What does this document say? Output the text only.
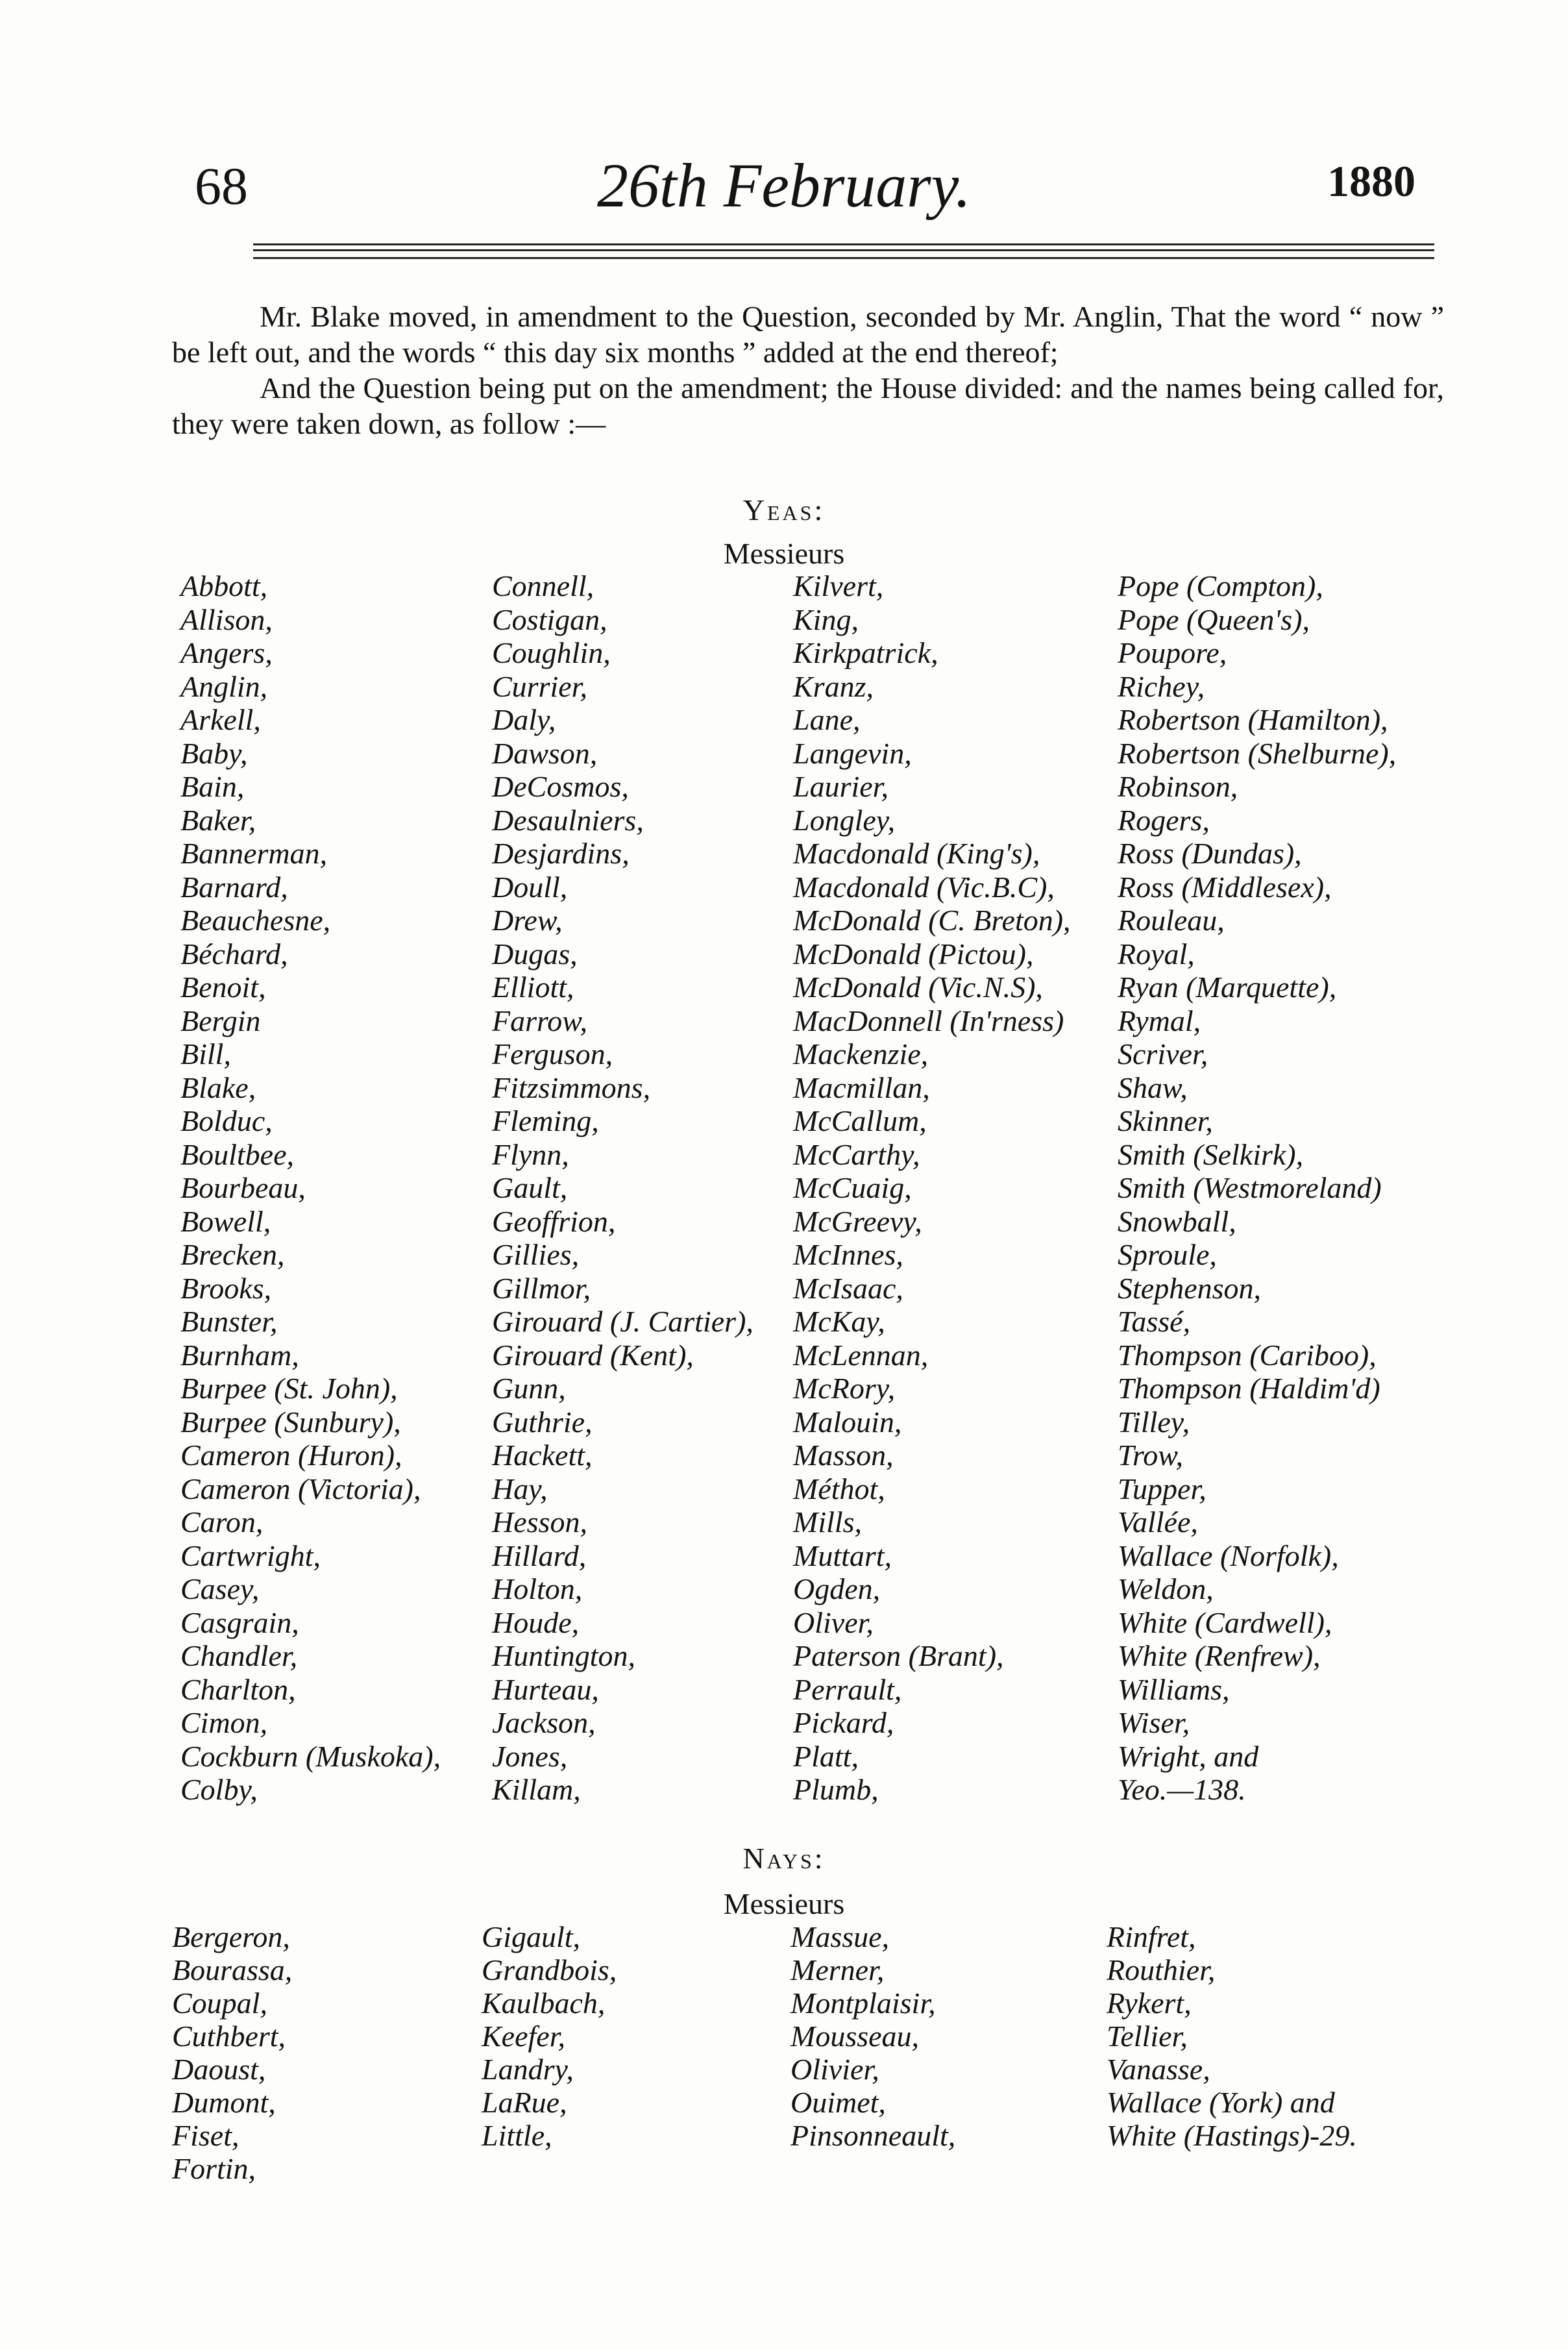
68	26th February.	1880

Mr. Blake moved, in amendment to the Question, seconded by Mr. Anglin, That the word “ now ” be left out, and the words “ this day six months ” added at the end thereof;

And the Question being put on the amendment; the House divided: and the names being called for, they were taken down, as follow :—

Yeas:
Messieurs
Abbott,
Allison,
Angers,
Anglin,
Arkell,
Baby,
Bain,
Baker,
Bannerman,
Barnard,
Beauchesne,
Béchard,
Benoit,
Bergin
Bill,
Blake,
Bolduc,
Boultbee,
Bourbeau,
Bowell,
Brecken,
Brooks,
Bunster,
Burnham,
Burpee (St. John),
Burpee (Sunbury),
Cameron (Huron),
Cameron (Victoria),
Caron,
Cartwright,
Casey,
Casgrain,
Chandler,
Charlton,
Cimon,
Cockburn (Muskoka),
Colby,
Connell,
Costigan,
Coughlin,
Currier,
Daly,
Dawson,
DeCosmos,
Desaulniers,
Desjardins,
Doull,
Drew,
Dugas,
Elliott,
Farrow,
Ferguson,
Fitzsimmons,
Fleming,
Flynn,
Gault,
Geoffrion,
Gillies,
Gillmor,
Girouard (J. Cartier),
Girouard (Kent),
Gunn,
Guthrie,
Hackett,
Hay,
Hesson,
Hillard,
Holton,
Houde,
Huntington,
Hurteau,
Jackson,
Jones,
Killam,
Kilvert,
King,
Kirkpatrick,
Kranz,
Lane,
Langevin,
Laurier,
Longley,
Macdonald (King's),
Macdonald (Vic.B.C),
McDonald (C. Breton),
McDonald (Pictou),
McDonald (Vic.N.S),
MacDonnell (In'rness)
Mackenzie,
Macmillan,
McCallum,
McCarthy,
McCuaig,
McGreevy,
McInnes,
McIsaac,
McKay,
McLennan,
McRory,
Malouin,
Masson,
Méthot,
Mills,
Muttart,
Ogden,
Oliver,
Paterson (Brant),
Perrault,
Pickard,
Platt,
Plumb,
Pope (Compton),
Pope (Queen's),
Poupore,
Richey,
Robertson (Hamilton),
Robertson (Shelburne),
Robinson,
Rogers,
Ross (Dundas),
Ross (Middlesex),
Rouleau,
Royal,
Ryan (Marquette),
Rymal,
Scriver,
Shaw,
Skinner,
Smith (Selkirk),
Smith (Westmoreland)
Snowball,
Sproule,
Stephenson,
Tassé,
Thompson (Cariboo),
Thompson (Haldim'd)
Tilley,
Trow,
Tupper,
Vallée,
Wallace (Norfolk),
Weldon,
White (Cardwell),
White (Renfrew),
Williams,
Wiser,
Wright, and
Yeo.—138.
Nays:
Messieurs
Bergeron,
Bourassa,
Coupal,
Cuthbert,
Daoust,
Dumont,
Fiset,
Fortin,
Gigault,
Grandbois,
Kaulbach,
Keefer,
Landry,
LaRue,
Little,
Massue,
Merner,
Montplaisir,
Mousseau,
Olivier,
Ouimet,
Pinsonneault,
Rinfret,
Routhier,
Rykert,
Tellier,
Vanasse,
Wallace (York) and
White (Hastings)-29.
